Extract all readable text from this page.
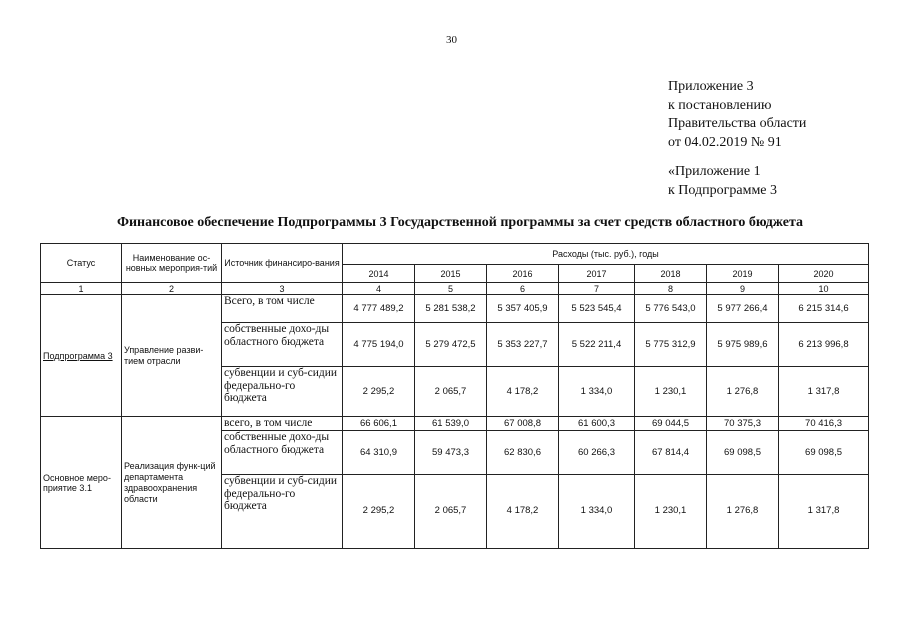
30
Приложение 3
к постановлению
Правительства области
от 04.02.2019 № 91
«Приложение 1
к Подпрограмме 3
Финансовое обеспечение Подпрограммы 3 Государственной программы за счет средств областного бюджета
Статус	Наименование ос-новных мероприя-тий	Источник финансиро-вания	Расходы (тыс. руб.), годы						
			2014	2015	2016	2017	2018	2019	2020
1	2	3	4	5	6	7	8	9	10
Подпрограмма 3	Управление разви-тием отрасли	Всего, в том числе	4 777 489,2	5 281 538,2	5 357 405,9	5 523 545,4	5 776 543,0	5 977 266,4	6 215 314,6
		собственные дохо-ды областного бюджета	4 775 194,0	5 279 472,5	5 353 227,7	5 522 211,4	5 775 312,9	5 975 989,6	6 213 996,8
		субвенции и суб-сидии федерально-го бюджета	2 295,2	2 065,7	4 178,2	1 334,0	1 230,1	1 276,8	1 317,8
Основное меро-приятие 3.1	Реализация функ-ций департамента здравоохранения области	всего, в том числе	66 606,1	61 539,0	67 008,8	61 600,3	69 044,5	70 375,3	70 416,3
		собственные дохо-ды областного бюджета	64 310,9	59 473,3	62 830,6	60 266,3	67 814,4	69 098,5	69 098,5
		субвенции и суб-сидии федерально-го бюджета	2 295,2	2 065,7	4 178,2	1 334,0	1 230,1	1 276,8	1 317,8
